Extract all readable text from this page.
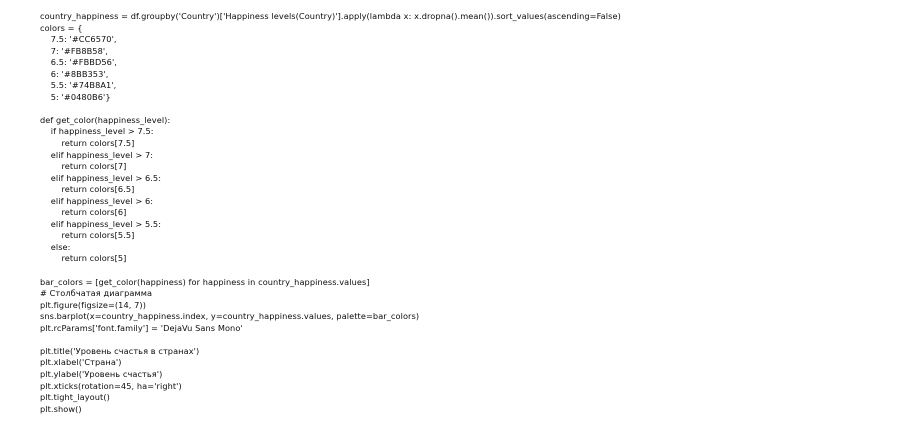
country_happiness = df.groupby('Country')['Happiness levels(Country)'].apply(lambda x: x.dropna().mean()).sort_values(ascending=False)
colors = {
7.5: '#CC6570',
7: '#FB8B58',
6.5: '#FBBD56',
6: '#8BB353',
5.5: '#74B8A1',
5: '#0480B6'}
def get_color(happiness_level):
if happiness_level > 7.5:
return colors[7.5]
elif happiness_level > 7:
return colors[7]
elif happiness_level > 6.5:
return colors[6.5]
elif happiness_level > 6:
return colors[6]
elif happiness_level > 5.5:
return colors[5.5]
else:
return colors[5]
bar_colors = [get_color(happiness) for happiness in country_happiness.values]
# Столбчатая диаграмма
plt.figure(figsize=(14, 7))
sns.barplot(x=country_happiness.index, y=country_happiness.values, palette=bar_colors)
plt.rcParams['font.family'] = 'DejaVu Sans Mono'
plt.title('Уровень счастья в странах')
plt.xlabel('Страна')
plt.ylabel('Уровень счастья')
plt.xticks(rotation=45, ha='right')
plt.tight_layout()
plt.show()
